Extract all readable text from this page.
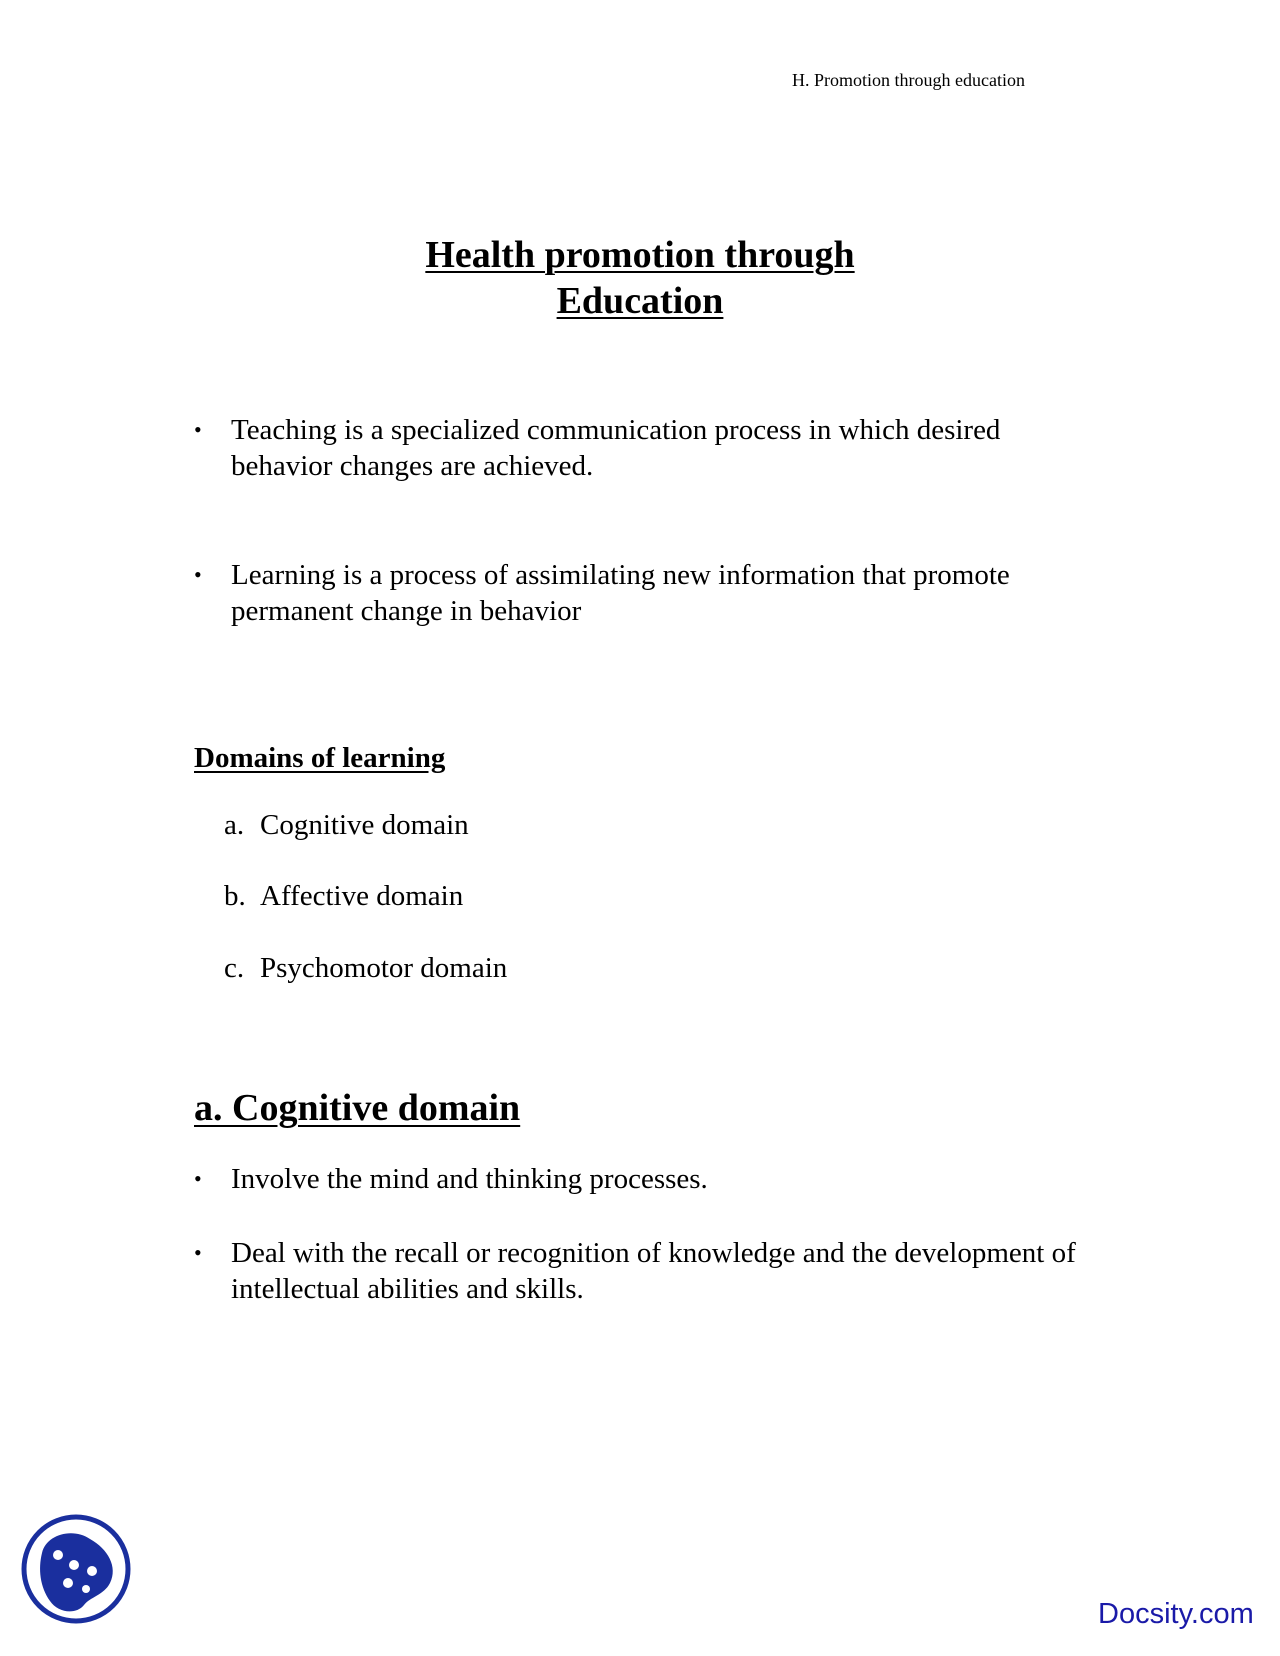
H. Promotion through education
Health promotion through
Education
•	Teaching is a specialized communication process in which desired
behavior changes are achieved.
•	Learning is a process of assimilating new information that promote
permanent change in behavior
Domains of learning
a. Cognitive domain
b. Affective domain
c. Psychomotor domain
a. Cognitive domain
•	Involve the mind and thinking processes.
•	Deal with the recall or recognition of knowledge and the development of
intellectual abilities and skills.
Docsity.com
